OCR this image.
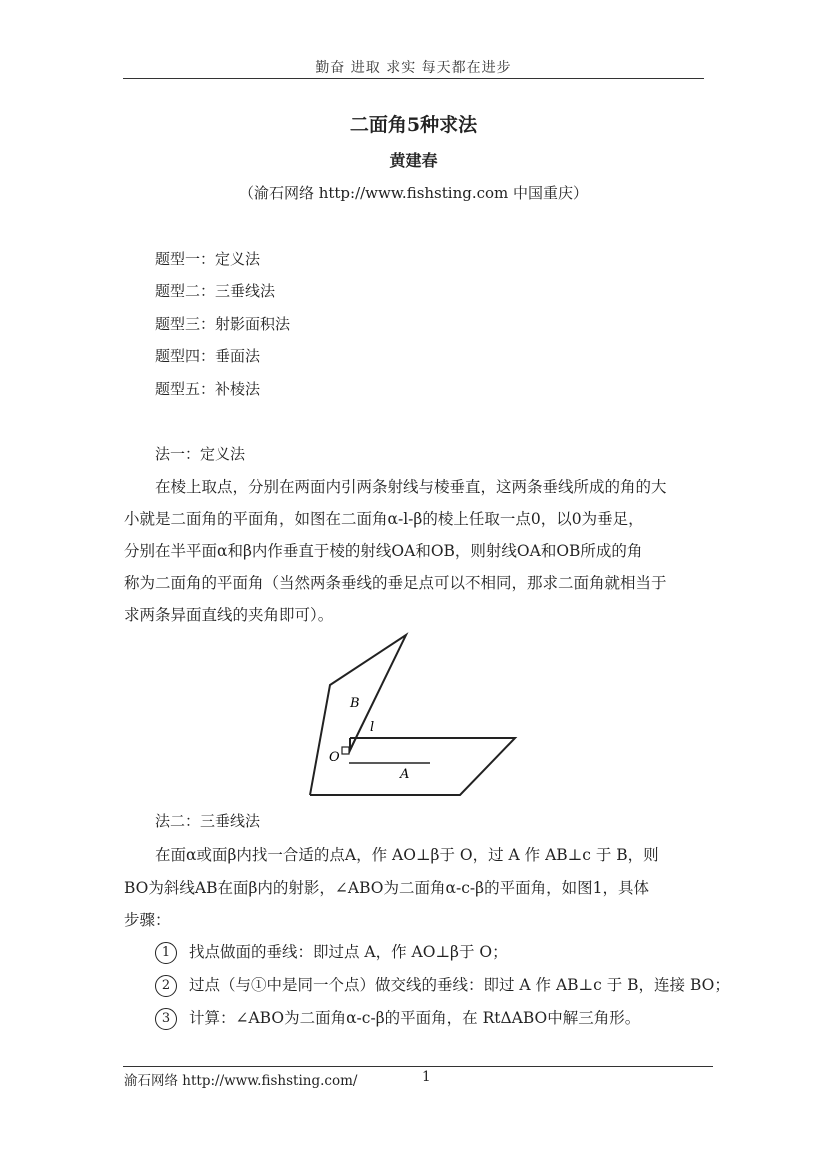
勤奋 进取 求实 每天都在进步
二面角5种求法
黄建春
（渝石网络 http://www.fishsting.com 中国重庆）
题型一：定义法
题型二：三垂线法
题型三：射影面积法
题型四：垂面法
题型五：补棱法
法一：定义法
　　在棱上取点，分别在两面内引两条射线与棱垂直，这两条垂线所成的角的大
小就是二面角的平面角，如图在二面角α-l-β的棱上任取一点0，以0为垂足，
分别在半平面α和β内作垂直于棱的射线OA和OB，则射线OA和OB所成的角
称为二面角的平面角（当然两条垂线的垂足点可以不相同，那求二面角就相当于
求两条异面直线的夹角即可）。
B
l
O
A
法二：三垂线法
　　在面α或面β内找一合适的点A，作 AO⊥β于 O，过 A 作 AB⊥c 于 B，则
BO为斜线AB在面β内的射影，∠ABO为二面角α-c-β的平面角，如图1，具体
步骤：
1 找点做面的垂线：即过点 A，作 AO⊥β于 O；
2 过点（与①中是同一个点）做交线的垂线：即过 A 作 AB⊥c 于 B，连接 BO；
3 计算：∠ABO为二面角α-c-β的平面角，在 RtΔABO中解三角形。
渝石网络 http://www.fishsting.com/	1
